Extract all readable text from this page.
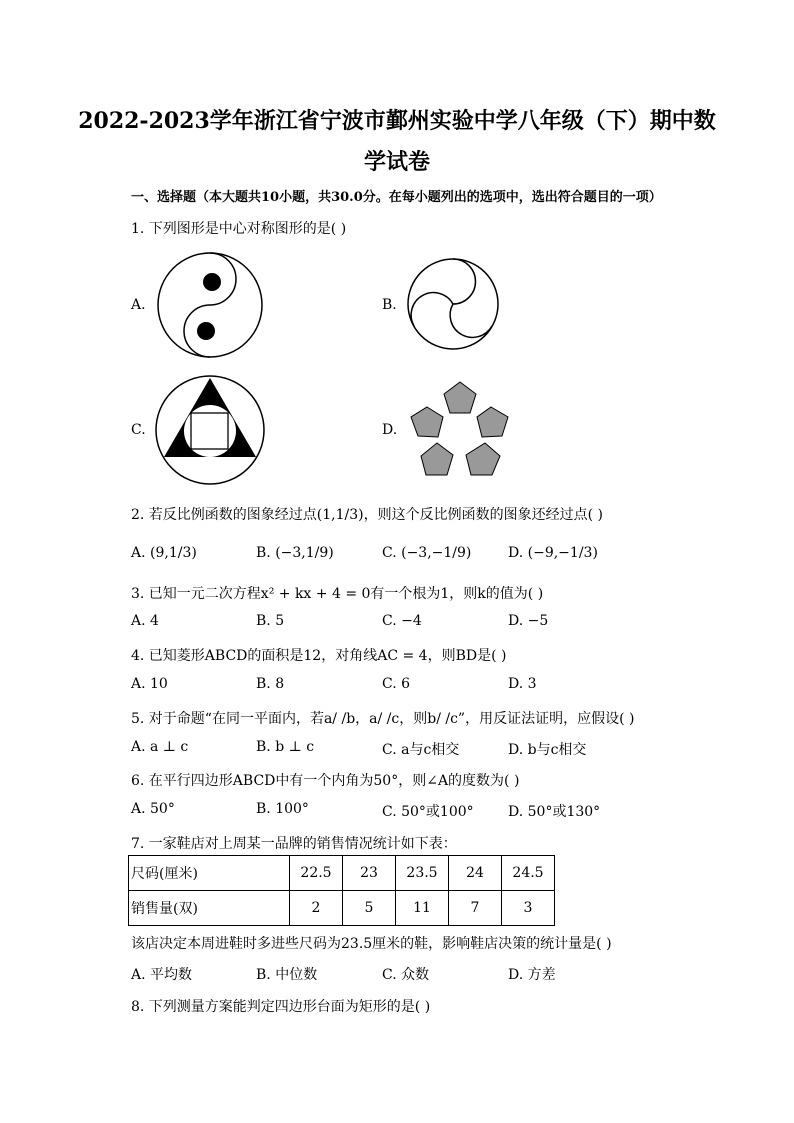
2022-2023学年浙江省宁波市鄞州实验中学八年级（下）期中数
学试卷
一、选择题（本大题共10小题，共30.0分。在每小题列出的选项中，选出符合题目的一项）
1. 下列图形是中心对称图形的是( )
A.	B.
C.	D.
2. 若反比例函数的图象经过点(1,1/3)，则这个反比例函数的图象还经过点( )
A. (9,1/3)	B. (−3,1/9)	C. (−3,−1/9)	D. (−9,−1/3)
3. 已知一元二次方程x² + kx + 4 = 0有一个根为1，则k的值为( )
A. 4	B. 5	C. −4	D. −5
4. 已知菱形ABCD的面积是12，对角线AC = 4，则BD是( )
A. 10	B. 8	C. 6	D. 3
5. 对于命题“在同一平面内，若a/ /b，a/ /c，则b/ /c”，用反证法证明，应假设( )
A. a ⊥ c	B. b ⊥ c	C. a与c相交	D. b与c相交
6. 在平行四边形ABCD中有一个内角为50°，则∠A的度数为( )
A. 50°	B. 100°	C. 50°或100° D. 50°或130°
7. 一家鞋店对上周某一品牌的销售情况统计如下表：
尺码(厘米)	22.5	23	23.5	24	24.5
销售量(双)	2	5	11	7	3
该店决定本周进鞋时多进些尺码为23.5厘米的鞋，影响鞋店决策的统计量是( )
A. 平均数	B. 中位数	C. 众数	D. 方差
8. 下列测量方案能判定四边形台面为矩形的是( )
